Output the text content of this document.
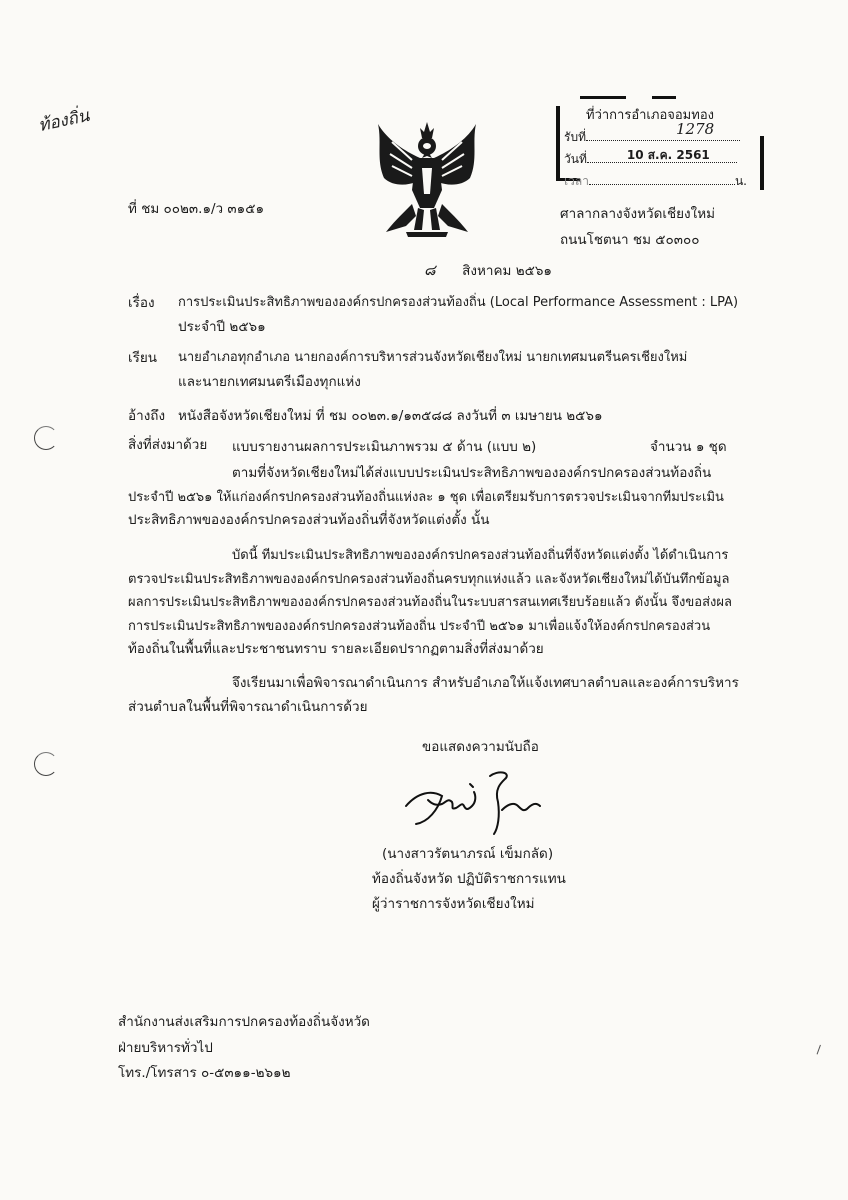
ท้องถิ่น	ที่ว่าการอำเภอจอมทอง
รับที่	1278
วันที่	10 ส.ค. 2561
เวลา	น.
ที่ ชม ๐๐๒๓.๑/ว ๓๑๕๑	ศาลากลางจังหวัดเชียงใหม่
ถนนโชตนา ชม ๕๐๓๐๐
๘ สิงหาคม ๒๕๖๑
เรื่อง การประเมินประสิทธิภาพขององค์กรปกครองส่วนท้องถิ่น (Local Performance Assessment : LPA)
ประจำปี ๒๕๖๑
เรียน นายอำเภอทุกอำเภอ นายกองค์การบริหารส่วนจังหวัดเชียงใหม่ นายกเทศมนตรีนครเชียงใหม่
และนายกเทศมนตรีเมืองทุกแห่ง
อ้างถึง หนังสือจังหวัดเชียงใหม่ ที่ ชม ๐๐๒๓.๑/๑๓๕๘๘ ลงวันที่ ๓ เมษายน ๒๕๖๑
สิ่งที่ส่งมาด้วย แบบรายงานผลการประเมินภาพรวม ๕ ด้าน (แบบ ๒)	จำนวน ๑ ชุด
ตามที่จังหวัดเชียงใหม่ได้ส่งแบบประเมินประสิทธิภาพขององค์กรปกครองส่วนท้องถิ่น
ประจำปี ๒๕๖๑ ให้แก่องค์กรปกครองส่วนท้องถิ่นแห่งละ ๑ ชุด เพื่อเตรียมรับการตรวจประเมินจากทีมประเมิน
ประสิทธิภาพขององค์กรปกครองส่วนท้องถิ่นที่จังหวัดแต่งตั้ง นั้น
บัดนี้ ทีมประเมินประสิทธิภาพขององค์กรปกครองส่วนท้องถิ่นที่จังหวัดแต่งตั้ง ได้ดำเนินการ
ตรวจประเมินประสิทธิภาพขององค์กรปกครองส่วนท้องถิ่นครบทุกแห่งแล้ว และจังหวัดเชียงใหม่ได้บันทึกข้อมูล
ผลการประเมินประสิทธิภาพขององค์กรปกครองส่วนท้องถิ่นในระบบสารสนเทศเรียบร้อยแล้ว ดังนั้น จึงขอส่งผล
การประเมินประสิทธิภาพขององค์กรปกครองส่วนท้องถิ่น ประจำปี ๒๕๖๑ มาเพื่อแจ้งให้องค์กรปกครองส่วน
ท้องถิ่นในพื้นที่และประชาชนทราบ รายละเอียดปรากฏตามสิ่งที่ส่งมาด้วย
จึงเรียนมาเพื่อพิจารณาดำเนินการ สำหรับอำเภอให้แจ้งเทศบาลตำบลและองค์การบริหาร
ส่วนตำบลในพื้นที่พิจารณาดำเนินการด้วย
ขอแสดงความนับถือ
(นางสาวรัตนาภรณ์ เข็มกลัด)
ท้องถิ่นจังหวัด ปฏิบัติราชการแทน
ผู้ว่าราชการจังหวัดเชียงใหม่
สำนักงานส่งเสริมการปกครองท้องถิ่นจังหวัด
ฝ่ายบริหารทั่วไป
โทร./โทรสาร ๐-๕๓๑๑-๒๖๑๒
